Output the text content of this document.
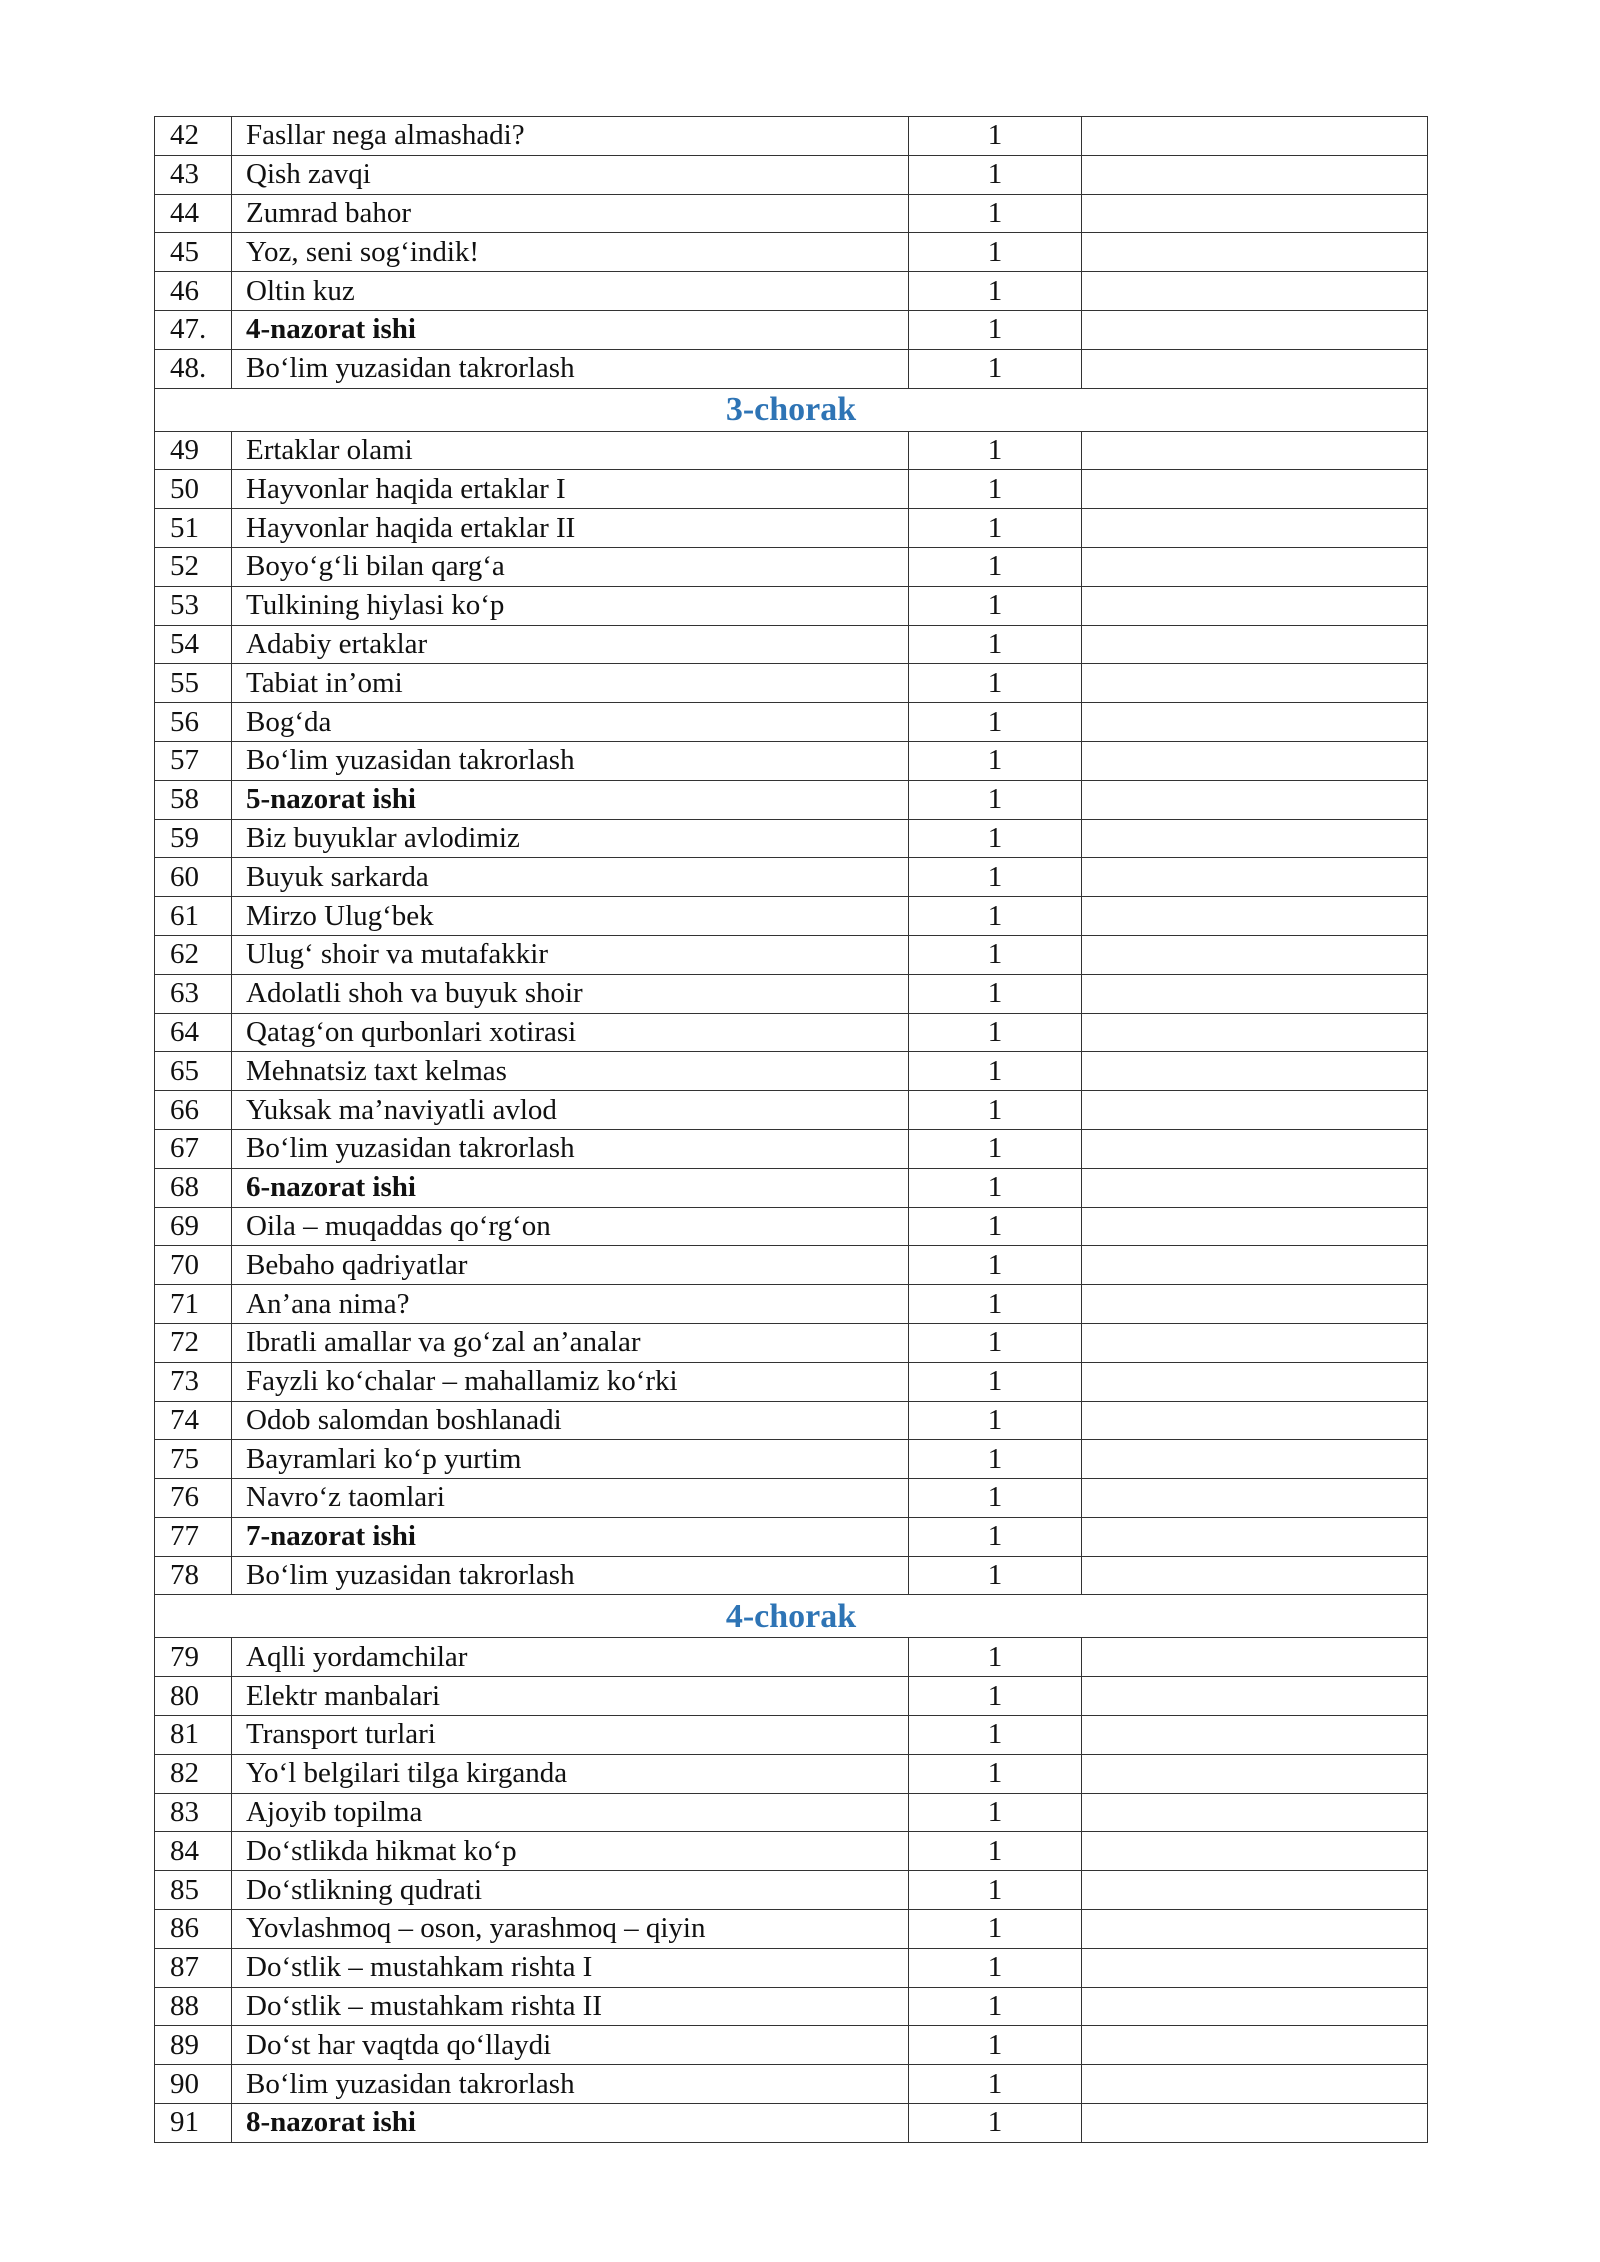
42	Fasllar nega almashadi?	1	
43	Qish zavqi	1	
44	Zumrad bahor	1	
45	Yoz, seni sog‘indik!	1	
46	Oltin kuz	1	
47.	4-nazorat ishi	1	
48.	Bo‘lim yuzasidan takrorlash	1	
3-chorak			
49	Ertaklar olami	1	
50	Hayvonlar haqida ertaklar I	1	
51	Hayvonlar haqida ertaklar II	1	
52	Boyo‘g‘li bilan qarg‘a	1	
53	Tulkining hiylasi ko‘p	1	
54	Adabiy ertaklar	1	
55	Tabiat in’omi	1	
56	Bog‘da	1	
57	Bo‘lim yuzasidan takrorlash	1	
58	5-nazorat ishi	1	
59	Biz buyuklar avlodimiz	1	
60	Buyuk sarkarda	1	
61	Mirzo Ulug‘bek	1	
62	Ulug‘ shoir va mutafakkir	1	
63	Adolatli shoh va buyuk shoir	1	
64	Qatag‘on qurbonlari xotirasi	1	
65	Mehnatsiz taxt kelmas	1	
66	Yuksak ma’naviyatli avlod	1	
67	Bo‘lim yuzasidan takrorlash	1	
68	6-nazorat ishi	1	
69	Oila – muqaddas qo‘rg‘on	1	
70	Bebaho qadriyatlar	1	
71	An’ana nima?	1	
72	Ibratli amallar va go‘zal an’analar	1	
73	Fayzli ko‘chalar – mahallamiz ko‘rki	1	
74	Odob salomdan boshlanadi	1	
75	Bayramlari ko‘p yurtim	1	
76	Navro‘z taomlari	1	
77	7-nazorat ishi	1	
78	Bo‘lim yuzasidan takrorlash	1	
4-chorak			
79	Aqlli yordamchilar	1	
80	Elektr manbalari	1	
81	Transport turlari	1	
82	Yo‘l belgilari tilga kirganda	1	
83	Ajoyib topilma	1	
84	Do‘stlikda hikmat ko‘p	1	
85	Do‘stlikning qudrati	1	
86	Yovlashmoq – oson, yarashmoq – qiyin	1	
87	Do‘stlik – mustahkam rishta I	1	
88	Do‘stlik – mustahkam rishta II	1	
89	Do‘st har vaqtda qo‘llaydi	1	
90	Bo‘lim yuzasidan takrorlash	1	
91	8-nazorat ishi	1	
